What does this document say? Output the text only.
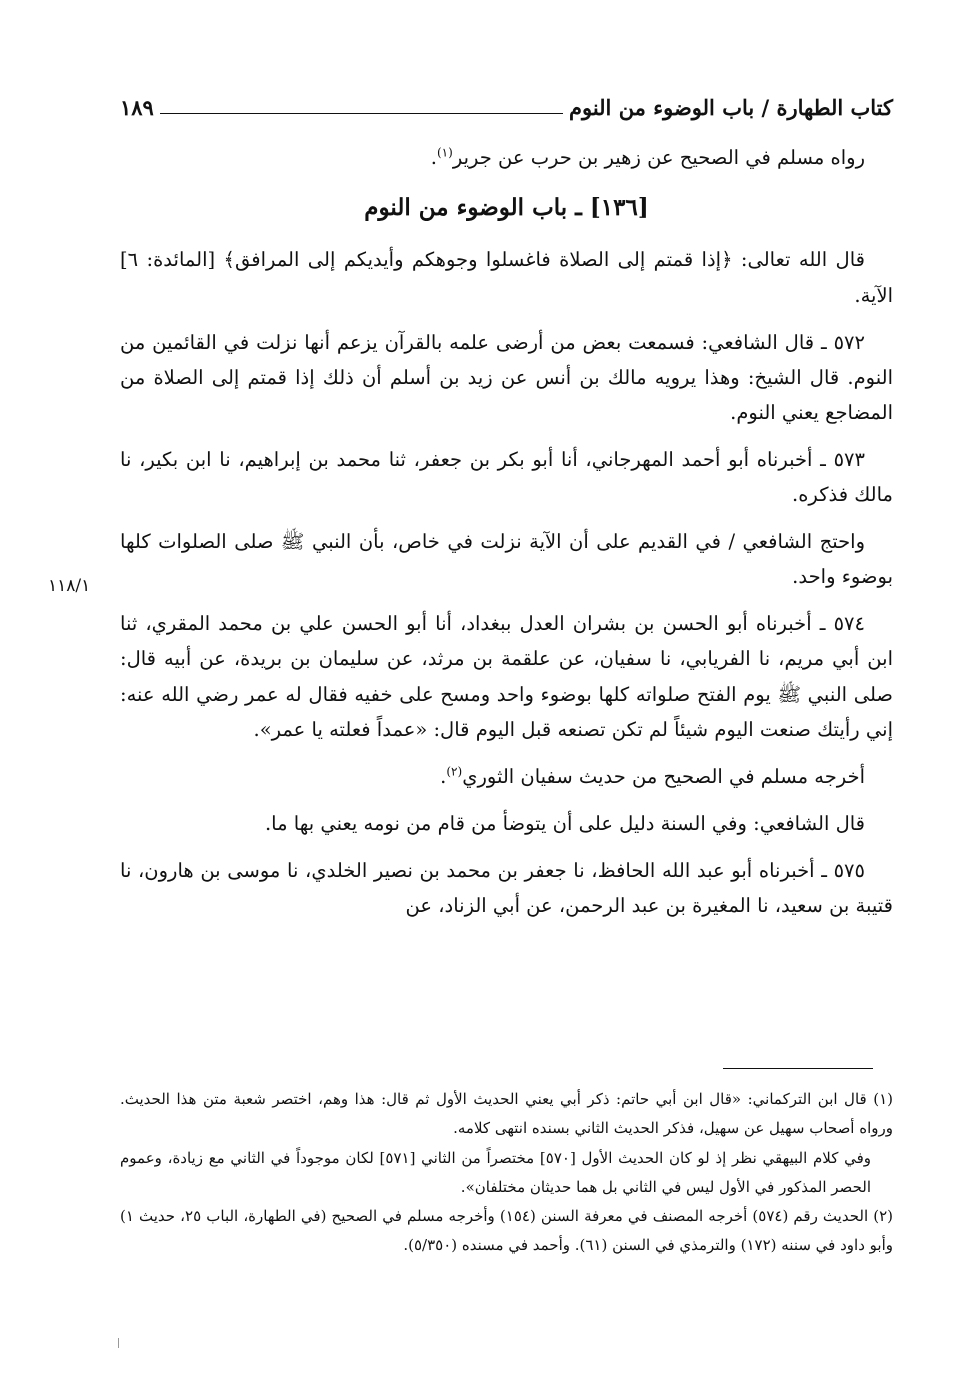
كتاب الطهارة / باب الوضوء من النوم
١٨٩

رواه مسلم في الصحيح عن زهير بن حرب عن جرير$^{(١)}$.

[١٣٦] ـ باب الوضوء من النوم

قال الله تعالى: ﴿إذا قمتم إلى الصلاة فاغسلوا وجوهكم وأيديكم إلى المرافق﴾ [المائدة: ٦] الآية.

٥٧٢ ـ قال الشافعي: فسمعت بعض من أرضى علمه بالقرآن يزعم أنها نزلت في القائمين من النوم. قال الشيخ: وهذا يرويه مالك بن أنس عن زيد بن أسلم أن ذلك إذا قمتم إلى الصلاة من المضاجع يعني النوم.

٥٧٣ ـ أخبرناه أبو أحمد المهرجاني، أنا أبو بكر بن جعفر، ثنا محمد بن إبراهيم، نا ابن بكير، نا مالك فذكره.

واحتج الشافعي / في القديم على أن الآية نزلت في خاص، بأن النبي ﷺ صلى الصلوات كلها بوضوء واحد.

٥٧٤ ـ أخبرناه أبو الحسن بن بشران العدل ببغداد، أنا أبو الحسن علي بن محمد المقري، ثنا ابن أبي مريم، نا الفريابي، نا سفيان، عن علقمة بن مرثد، عن سليمان بن بريدة، عن أبيه قال: صلى النبي ﷺ يوم الفتح صلواته كلها بوضوء واحد ومسح على خفيه فقال له عمر رضي الله عنه: إني رأيتك صنعت اليوم شيئاً لم تكن تصنعه قبل اليوم قال: «عمداً فعلته يا عمر».

أخرجه مسلم في الصحيح من حديث سفيان الثوري$^{(٢)}$.

قال الشافعي: وفي السنة دليل على أن يتوضأ من قام من نومه يعني بها ما.

٥٧٥ ـ أخبرناه أبو عبد الله الحافظ، نا جعفر بن محمد بن نصير الخلدي، نا موسى بن هارون، نا قتيبة بن سعيد، نا المغيرة بن عبد الرحمن، عن أبي الزناد، عن

١١٨/١

(١) قال ابن التركماني: «قال ابن أبي حاتم: ذكر أبي يعني الحديث الأول ثم قال: هذا وهم، اختصر شعبة متن هذا الحديث. ورواه أصحاب سهيل عن سهيل، فذكر الحديث الثاني بسنده انتهى كلامه.

وفي كلام البيهقي نظر إذ لو كان الحديث الأول [٥٧٠] مختصراً من الثاني [٥٧١] لكان موجوداً في الثاني مع زيادة، وعموم الحصر المذكور في الأول ليس في الثاني بل هما حديثان مختلفان».

(٢) الحديث رقم (٥٧٤) أخرجه المصنف في معرفة السنن (١٥٤) وأخرجه مسلم في الصحيح (في الطهارة، الباب ٢٥، حديث ١) وأبو داود في سننه (١٧٢) والترمذي في السنن (٦١). وأحمد في مسنده (٥/٣٥٠).
